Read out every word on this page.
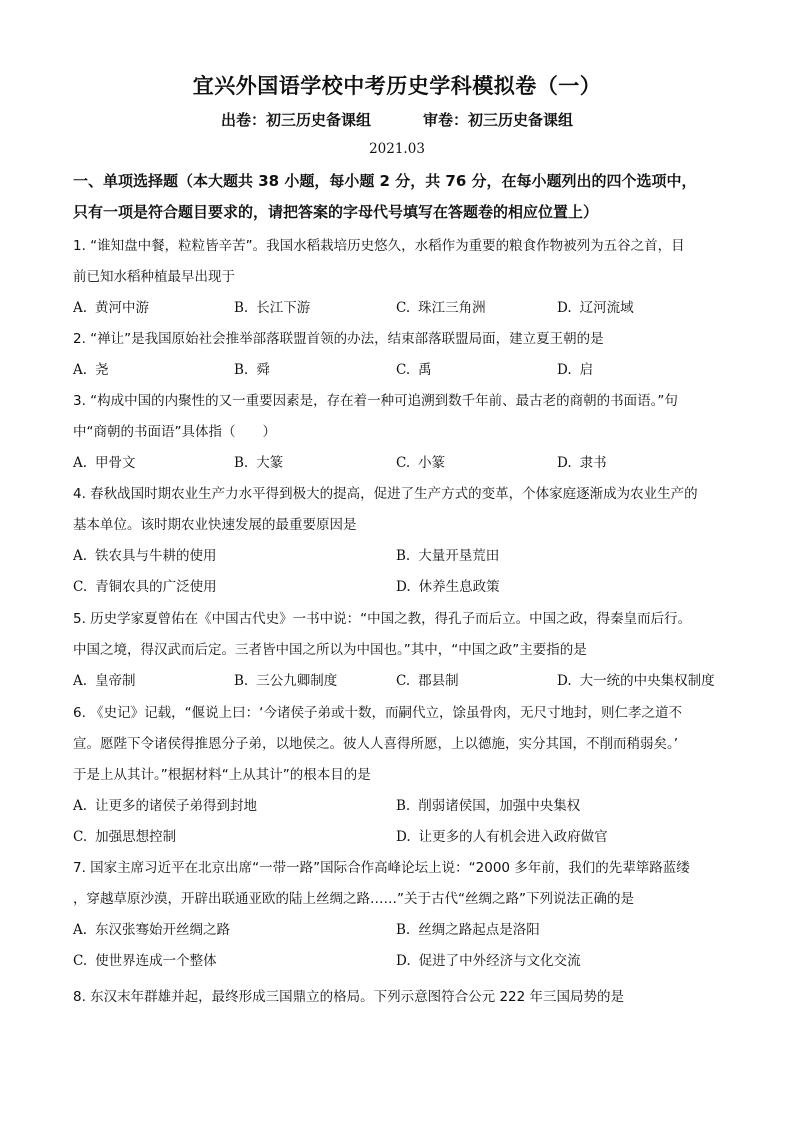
宜兴外国语学校中考历史学科模拟卷（一）
出卷：初三历史备课组	审卷：初三历史备课组
2021.03
一、单项选择题（本大题共 38 小题，每小题 2 分，共 76 分，在每小题列出的四个选项中，
只有一项是符合题目要求的，请把答案的字母代号填写在答题卷的相应位置上）
1. “谁知盘中餐，粒粒皆辛苦”。我国水稻栽培历史悠久，水稻作为重要的粮食作物被列为五谷之首，目
前已知水稻种植最早出现于
A. 黄河中游	B. 长江下游	C. 珠江三角洲	D. 辽河流域
2. “禅让”是我国原始社会推举部落联盟首领的办法，结束部落联盟局面，建立夏王朝的是
A. 尧	B. 舜	C. 禹	D. 启
3. “构成中国的内聚性的又一重要因素是，存在着一种可追溯到数千年前、最古老的商朝的书面语。”句
中“商朝的书面语”具体指（　　）
A. 甲骨文	B. 大篆	C. 小篆	D. 隶书
4. 春秋战国时期农业生产力水平得到极大的提高，促进了生产方式的变革，个体家庭逐渐成为农业生产的
基本单位。该时期农业快速发展的最重要原因是
A. 铁农具与牛耕的使用	B. 大量开垦荒田
C. 青铜农具的广泛使用	D. 休养生息政策
5. 历史学家夏曾佑在《中国古代史》一书中说：“中国之教，得孔子而后立。中国之政，得秦皇而后行。
中国之境，得汉武而后定。三者皆中国之所以为中国也。”其中，“中国之政”主要指的是
A. 皇帝制	B. 三公九卿制度	C. 郡县制	D. 大一统的中央集权制度
6. 《史记》记载，“偃说上曰：‘今诸侯子弟或十数，而嗣代立，馀虽骨肉，无尺寸地封，则仁孝之道不
宣。愿陛下令诸侯得推恩分子弟，以地侯之。彼人人喜得所愿，上以德施，实分其国，不削而稍弱矣。’
于是上从其计。”根据材料“上从其计”的根本目的是
A. 让更多的诸侯子弟得到封地	B. 削弱诸侯国，加强中央集权
C. 加强思想控制	D. 让更多的人有机会进入政府做官
7. 国家主席习近平在北京出席“一带一路”国际合作高峰论坛上说：“2000 多年前，我们的先辈筚路蓝缕
，穿越草原沙漠，开辟出联通亚欧的陆上丝绸之路……”关于古代“丝绸之路”下列说法正确的是
A. 东汉张骞始开丝绸之路	B. 丝绸之路起点是洛阳
C. 使世界连成一个整体	D. 促进了中外经济与文化交流
8. 东汉末年群雄并起，最终形成三国鼎立的格局。下列示意图符合公元 222 年三国局势的是
